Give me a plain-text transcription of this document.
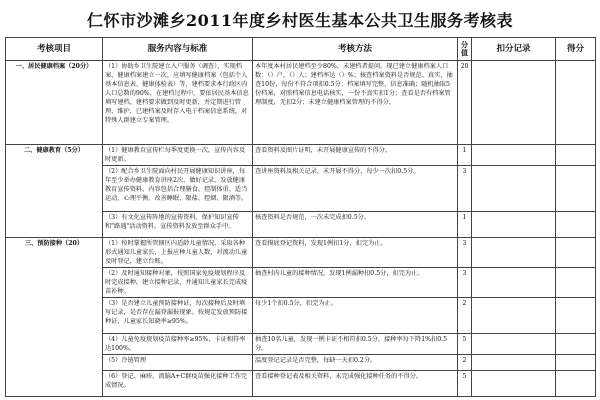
仁怀市沙滩乡2011年度乡村医生基本公共卫生服务考核表
考核项目	服务内容与标准	考核方法	分值	扣分记录	得分
一、居民健康档案（20分）	（1）协助乡卫生院建立入户服务（调查），实现档案、健康档案建立一次，应填写健康档案（包括个人基本信息表、健康体检表）等，建档要求本行政区内人口总数的90%，在建档过程中，要依居民基本信息填写建档，建档要求做到及时更新，并定期进行管理、维护，已建档案及时存入电子档案信息系统，对特殊人群建立专案管理。	本年度本村居民建档至少80%，未建档者提问。现已建立健康档案人口数：（）户，（）人；建档率达（）%；核查档案资料是否规范、真实，抽查10份，每份不符合项扣0.5分；档案填写完整，信息准确；随机抽取5份档案，对照档案信息电话核实，一份不真实扣1分；查看是否有档案管理制度，无扣2分；未建立健康档案管理的不得分。	20		
二、健康教育（5分）	（1）健康教育宣传栏每季度更换一次，宣传内容及时更新。	查看资料及图片证明，未开展健康宣传的不得分。	1		
	（2）配合乡卫生院面向村民开展健康知识讲座，每年至少举办健康教育讲座2次，做好记录，发放健康教育宣传资料，内容包括合理膳食、控制体重、适当运动、心理平衡、改善睡眠、限盐、控烟、限酒等。	查讲座资料及相关记录，未开展不得分，每少一次扣0.5分。	3		
	（3）有文化宣传阵地的宣传资料、保护知识宣传和"路遇"活动资料，宣传资料发放至群众手中。	核查资料是否规范，一次未完成扣0.5分。	1		
三、预防接种（20）	（1）按时掌握所管辖区内适龄儿童情况，采取各种形式通知儿童家长，上报应种儿童人数，对流动儿童及时登记，建立台账。	查看摸底登记资料，发现1例扣1分，扣完为止。	3		
	（2）及时通知接种对象，按照国家免疫规划程序及时完成接种，建立接种记录，并通知儿童家长完成疫苗补种。	抽查村内儿童的接种情况，发现1例漏种扣0.5分，扣完为止。	3		
	（3）是否建立儿童预防接种证，每次接种后及时填写记录，是否存在漏登漏报现象。按规定发放预防接种证，儿童家长知晓率≥95%。	每少1个扣0.5分，扣完为止。	2		
	（4）儿童免疫规划疫苗接种率≥95%，卡证相符率达100%。	抽查10名儿童，发现一例卡证不相符扣0.5分，接种率每下降1%扣0.5分。	5		
	（5）冷链管理	温度登记记录是否完整，每缺一天扣0.2分。	2		
	（6）登记、麻疹、流脑A+C群疫苗强化接种工作完成情况。	查看接种登记表及相关资料，未完成强化接种任务的不得分。	5		
